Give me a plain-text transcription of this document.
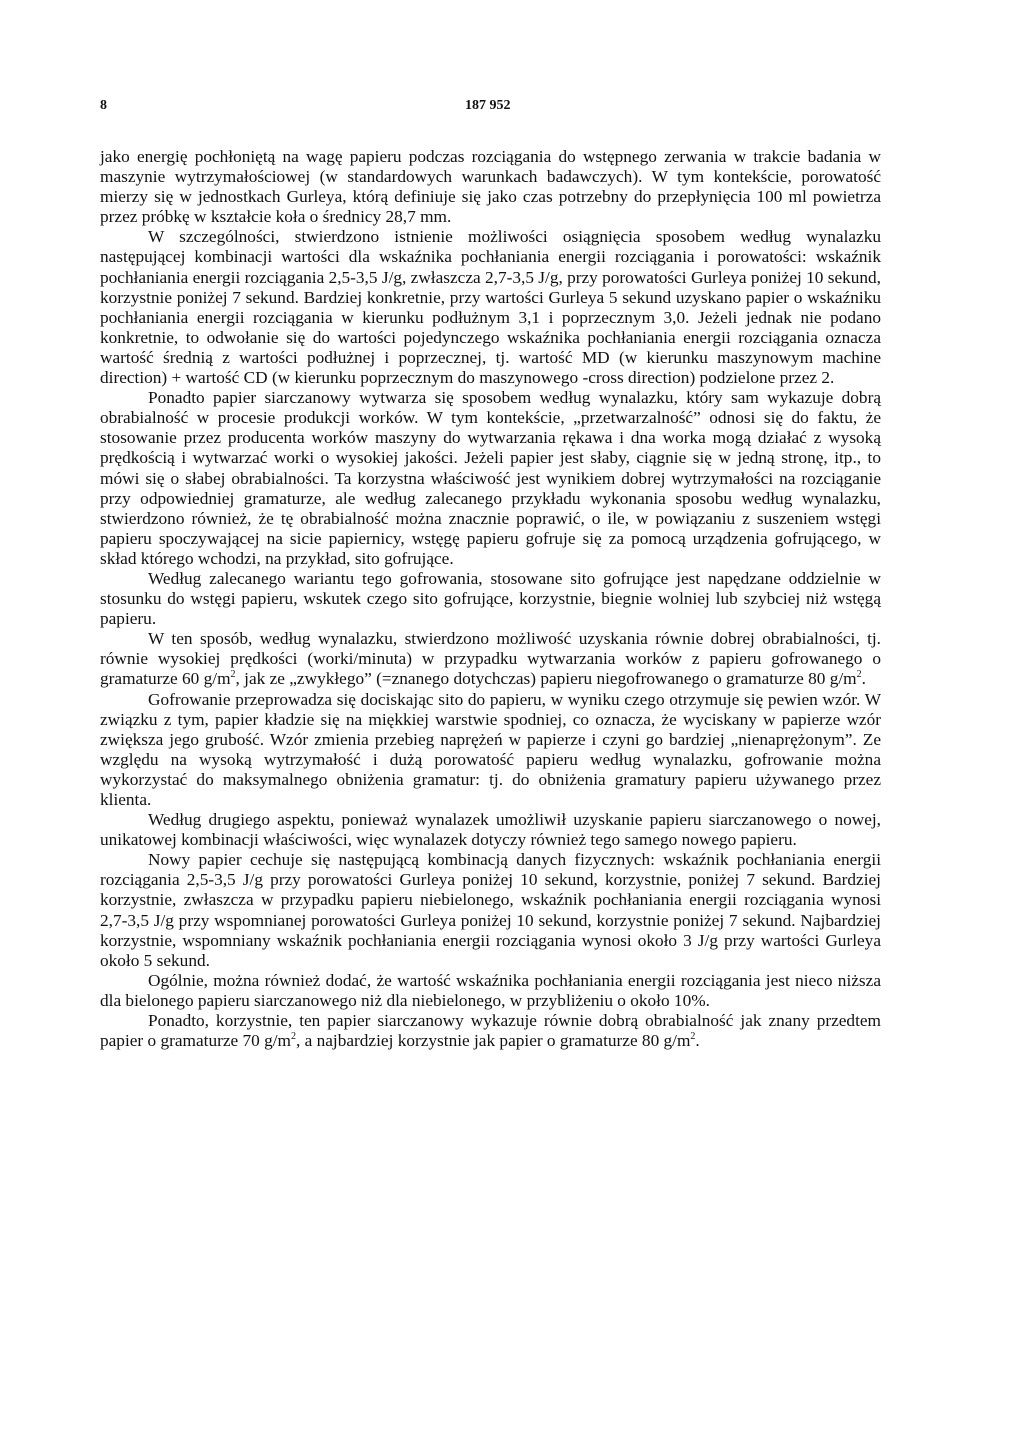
8	187 952

jako energię pochłoniętą na wagę papieru podczas rozciągania do wstępnego zerwania w trakcie badania w maszynie wytrzymałościowej (w standardowych warunkach badawczych). W tym kontekście, porowatość mierzy się w jednostkach Gurleya, którą definiuje się jako czas potrzebny do przepłynięcia 100 ml powietrza przez próbkę w kształcie koła o średnicy 28,7 mm.

W szczególności, stwierdzono istnienie możliwości osiągnięcia sposobem według wynalazku następującej kombinacji wartości dla wskaźnika pochłaniania energii rozciągania i porowatości: wskaźnik pochłaniania energii rozciągania 2,5-3,5 J/g, zwłaszcza 2,7-3,5 J/g, przy porowatości Gurleya poniżej 10 sekund, korzystnie poniżej 7 sekund. Bardziej konkretnie, przy wartości Gurleya 5 sekund uzyskano papier o wskaźniku pochłaniania energii rozciągania w kierunku podłużnym 3,1 i poprzecznym 3,0. Jeżeli jednak nie podano konkretnie, to odwołanie się do wartości pojedynczego wskaźnika pochłaniania energii rozciągania oznacza wartość średnią z wartości podłużnej i poprzecznej, tj. wartość MD (w kierunku maszynowym machine direction) + wartość CD (w kierunku poprzecznym do maszynowego -cross direction) podzielone przez 2.

Ponadto papier siarczanowy wytwarza się sposobem według wynalazku, który sam wykazuje dobrą obrabialność w procesie produkcji worków. W tym kontekście, „przetwarzalność” odnosi się do faktu, że stosowanie przez producenta worków maszyny do wytwarzania rękawa i dna worka mogą działać z wysoką prędkością i wytwarzać worki o wysokiej jakości. Jeżeli papier jest słaby, ciągnie się w jedną stronę, itp., to mówi się o słabej obrabialności. Ta korzystna właściwość jest wynikiem dobrej wytrzymałości na rozciąganie przy odpowiedniej gramaturze, ale według zalecanego przykładu wykonania sposobu według wynalazku, stwierdzono również, że tę obrabialność można znacznie poprawić, o ile, w powiązaniu z suszeniem wstęgi papieru spoczywającej na sicie papiernicy, wstęgę papieru gofruje się za pomocą urządzenia gofrującego, w skład którego wchodzi, na przykład, sito gofrujące.

Według zalecanego wariantu tego gofrowania, stosowane sito gofrujące jest napędzane oddzielnie w stosunku do wstęgi papieru, wskutek czego sito gofrujące, korzystnie, biegnie wolniej lub szybciej niż wstęgą papieru.

W ten sposób, według wynalazku, stwierdzono możliwość uzyskania równie dobrej obrabialności, tj. równie wysokiej prędkości (worki/minuta) w przypadku wytwarzania worków z papieru gofrowanego o gramaturze 60 $g/m^2$, jak ze „zwykłego” (=znanego dotychczas) papieru niegofrowanego o gramaturze 80 $g/m^2$.

Gofrowanie przeprowadza się dociskając sito do papieru, w wyniku czego otrzymuje się pewien wzór. W związku z tym, papier kładzie się na miękkiej warstwie spodniej, co oznacza, że wyciskany w papierze wzór zwiększa jego grubość. Wzór zmienia przebieg naprężeń w papierze i czyni go bardziej „nienaprężonym”. Ze względu na wysoką wytrzymałość i dużą porowatość papieru według wynalazku, gofrowanie można wykorzystać do maksymalnego obniżenia gramatur: tj. do obniżenia gramatury papieru używanego przez klienta.

Według drugiego aspektu, ponieważ wynalazek umożliwił uzyskanie papieru siarczanowego o nowej, unikatowej kombinacji właściwości, więc wynalazek dotyczy również tego samego nowego papieru.

Nowy papier cechuje się następującą kombinacją danych fizycznych: wskaźnik pochłaniania energii rozciągania 2,5-3,5 J/g przy porowatości Gurleya poniżej 10 sekund, korzystnie, poniżej 7 sekund. Bardziej korzystnie, zwłaszcza w przypadku papieru niebielonego, wskaźnik pochłaniania energii rozciągania wynosi 2,7-3,5 J/g przy wspomnianej porowatości Gurleya poniżej 10 sekund, korzystnie poniżej 7 sekund. Najbardziej korzystnie, wspomniany wskaźnik pochłaniania energii rozciągania wynosi około 3 J/g przy wartości Gurleya około 5 sekund.

Ogólnie, można również dodać, że wartość wskaźnika pochłaniania energii rozciągania jest nieco niższa dla bielonego papieru siarczanowego niż dla niebielonego, w przybliżeniu o około 10%.

Ponadto, korzystnie, ten papier siarczanowy wykazuje równie dobrą obrabialność jak znany przedtem papier o gramaturze 70 $g/m^2$, a najbardziej korzystnie jak papier o gramaturze 80 $g/m^2$.
